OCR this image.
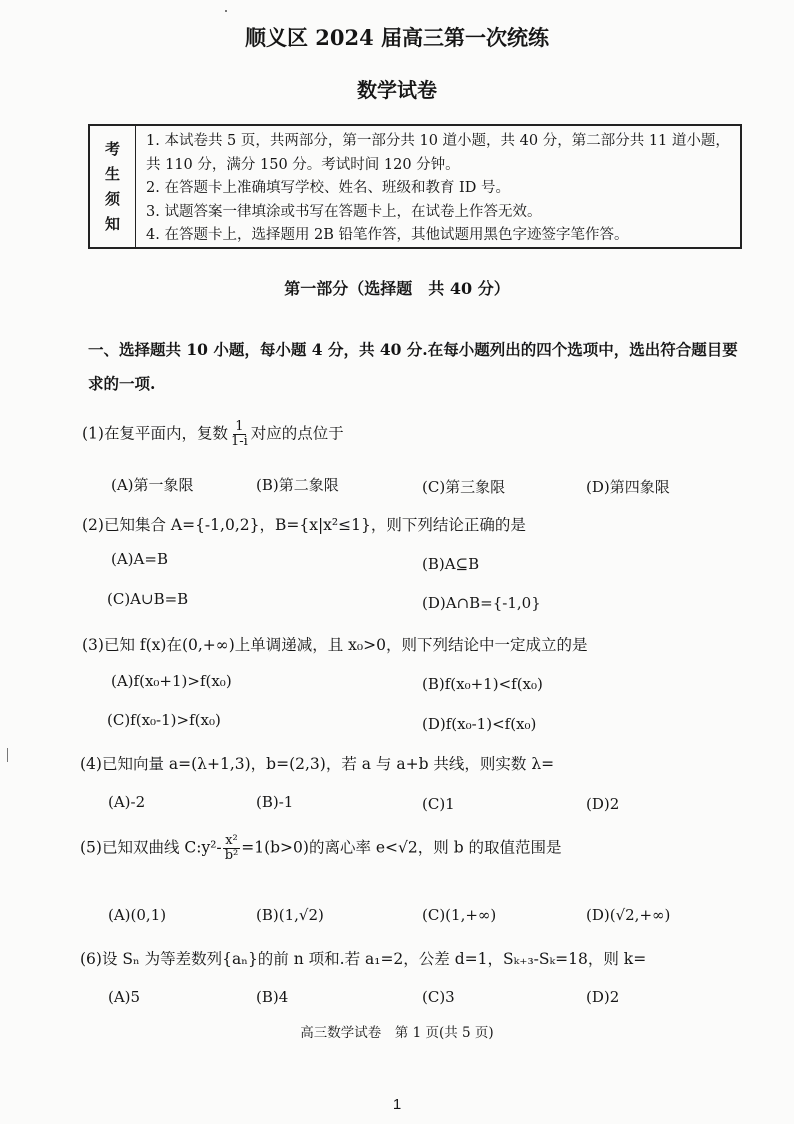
顺义区 2024 届高三第一次统练
数学试卷
考
生
须
知
1. 本试卷共 5 页，共两部分，第一部分共 10 道小题，共 40 分，第二部分共 11 道小题，共 110 分，满分 150 分。考试时间 120 分钟。
2. 在答题卡上准确填写学校、姓名、班级和教育 ID 号。
3. 试题答案一律填涂或书写在答题卡上，在试卷上作答无效。
4. 在答题卡上，选择题用 2B 铅笔作答，其他试题用黑色字迹签字笔作答。
第一部分（选择题　共 40 分）
一、选择题共 10 小题，每小题 4 分，共 40 分.在每小题列出的四个选项中，选出符合题目要求的一项.
(1)在复平面内，复数 $\frac{1}{1-i}$ 对应的点位于
(A)第一象限	(B)第二象限	(C)第三象限	(D)第四象限
(2)已知集合 A={-1,0,2}，B={x|x²≤1}，则下列结论正确的是
(A)A=B	(B)A⊆B
(C)A∪B=B	(D)A∩B={-1,0}
(3)已知 f(x)在(0,+∞)上单调递减，且 x₀>0，则下列结论中一定成立的是
(A)f(x₀+1)>f(x₀)	(B)f(x₀+1)<f(x₀)
(C)f(x₀-1)>f(x₀)	(D)f(x₀-1)<f(x₀)
(4)已知向量 a=(λ+1,3)，b=(2,3)，若 a 与 a+b 共线，则实数 λ=
(A)-2	(B)-1	(C)1	(D)2
(5)已知双曲线 C:y²- $\frac{\text{x²}}{\text{b²}} =1(b>0)$的离心率 e<√2，则 b 的取值范围是
(A)(0,1)	(B)(1,√2)	(C)(1,+∞)	(D)(√2,+∞)
(6)设 Sₙ 为等差数列{aₙ}的前 n 项和.若 a₁=2，公差 d=1，Sₖ₊₃-Sₖ=18，则 k=
(A)5	(B)4	(C)3	(D)2
高三数学试卷　第 1 页(共 5 页)
1
